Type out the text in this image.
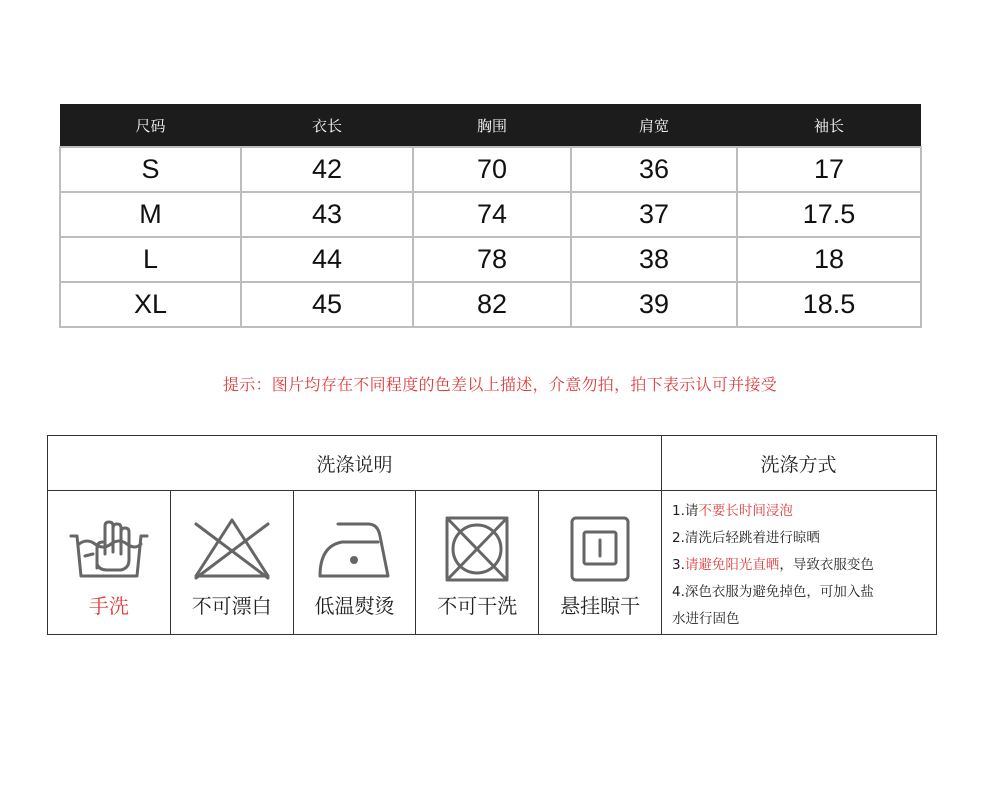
尺码	衣长	胸围	肩宽	袖长
S	42	70	36	17
M	43	74	37	17.5
L	44	78	38	18
XL	45	82	39	18.5
提示：图片均存在不同程度的色差以上描述，介意勿拍，拍下表示认可并接受
洗涤说明	洗涤方式
手洗	不可漂白 低温熨烫 不可干洗 悬挂晾干
1.请不要长时间浸泡
2.清洗后轻跳着进行晾晒
3.请避免阳光直晒，导致衣服变色
4.深色衣服为避免掉色，可加入盐
水进行固色
